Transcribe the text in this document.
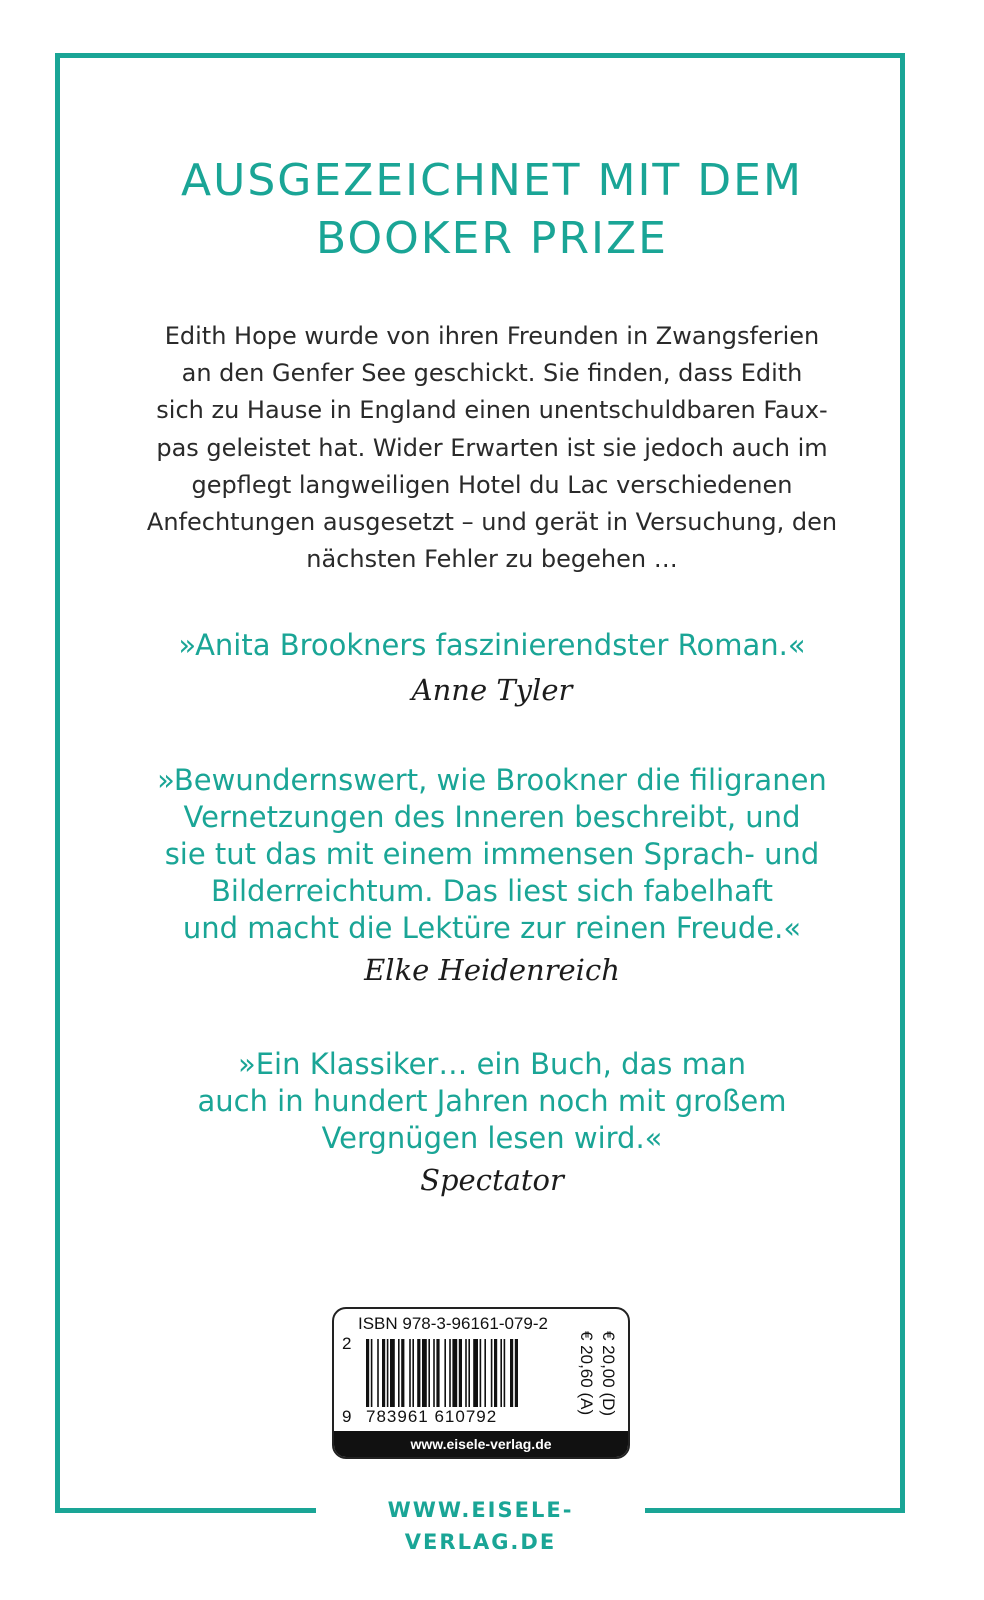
AUSGEZEICHNET MIT DEM
BOOKER PRIZE
Edith Hope wurde von ihren Freunden in Zwangsferien
an den Genfer See geschickt. Sie finden, dass Edith
sich zu Hause in England einen unentschuldbaren Faux-
pas geleistet hat. Wider Erwarten ist sie jedoch auch im
gepflegt langweiligen Hotel du Lac verschiedenen
Anfechtungen ausgesetzt – und gerät in Versuchung, den
nächsten Fehler zu begehen …
»Anita Brookners faszinierendster Roman.«
Anne Tyler
»Bewundernswert, wie Brookner die filigranen
Vernetzungen des Inneren beschreibt, und
sie tut das mit einem immensen Sprach- und
Bilderreichtum. Das liest sich fabelhaft
und macht die Lektüre zur reinen Freude.«
Elke Heidenreich
»Ein Klassiker… ein Buch, das man
auch in hundert Jahren noch mit großem
Vergnügen lesen wird.«
Spectator
ISBN 978-3-96161-079-2
2
9 783961 610792
€ 20,00 (D)
€ 20,60 (A)
www.eisele-verlag.de
WWW.EISELE-VERLAG.DE
